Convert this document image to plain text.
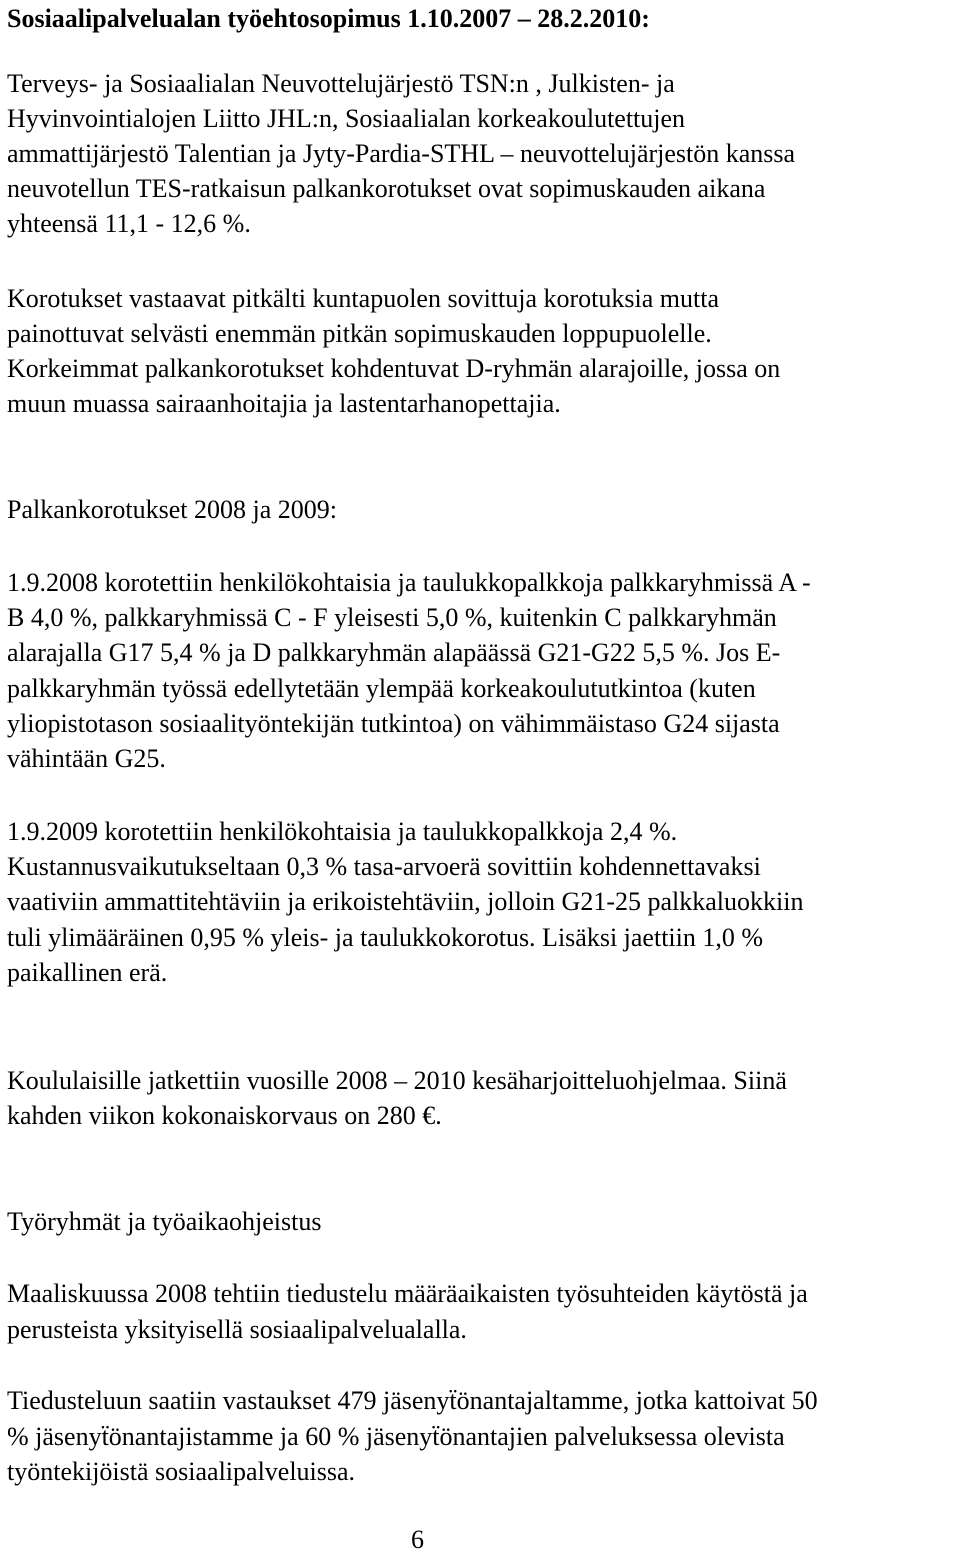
Sosiaalipalvelualan työehtosopimus 1.10.2007 – 28.2.2010:
Terveys- ja Sosiaalialan Neuvottelujärjestö TSN:n , Julkisten- ja
Hyvinvointialojen Liitto JHL:n, Sosiaalialan korkeakoulutettujen
ammattijärjestö Talentian ja Jyty-Pardia-STHL – neuvottelujärjestön kanssa
neuvotellun TES-ratkaisun palkankorotukset ovat sopimuskauden aikana
yhteensä 11,1 - 12,6 %.
Korotukset vastaavat pitkälti kuntapuolen sovittuja korotuksia mutta
painottuvat selvästi enemmän pitkän sopimuskauden loppupuolelle.
Korkeimmat palkankorotukset kohdentuvat D-ryhmän alarajoille, jossa on
muun muassa sairaanhoitajia ja lastentarhanopettajia.
Palkankorotukset 2008 ja 2009:
1.9.2008 korotettiin henkilökohtaisia ja taulukkopalkkoja palkkaryhmissä A -
B 4,0 %, palkkaryhmissä C - F yleisesti 5,0 %, kuitenkin C palkkaryhmän
alarajalla G17 5,4 % ja D palkkaryhmän alapäässä G21-G22 5,5 %. Jos E-
palkkaryhmän työssä edellytetään ylempää korkeakoulututkintoa (kuten
yliopistotason sosiaalityöntekijän tutkintoa) on vähimmäistaso G24 sijasta
vähintään G25.
1.9.2009 korotettiin henkilökohtaisia ja taulukkopalkkoja 2,4 %.
Kustannusvaikutukseltaan 0,3 % tasa-arvoerä sovittiin kohdennettavaksi
vaativiin ammattitehtäviin ja erikoistehtäviin, jolloin G21-25 palkkaluokkiin
tuli ylimääräinen 0,95 % yleis- ja taulukkokorotus. Lisäksi jaettiin 1,0 %
paikallinen erä.
Koululaisille jatkettiin vuosille 2008 – 2010 kesäharjoitteluohjelmaa. Siinä
kahden viikon kokonaiskorvaus on 280 €.
Työryhmät ja työaikaohjeistus
Maaliskuussa 2008 tehtiin tiedustelu määräaikaisten työsuhteiden käytöstä ja
perusteista yksityisellä sosiaalipalvelualalla.
Tiedusteluun saatiin vastaukset 479 jäsenyẗönantajaltamme, jotka kattoivat 50
% jäsenyẗönantajistamme ja 60 % jäsenyẗönantajien palveluksessa olevista
työntekijöistä sosiaalipalveluissa.
6
